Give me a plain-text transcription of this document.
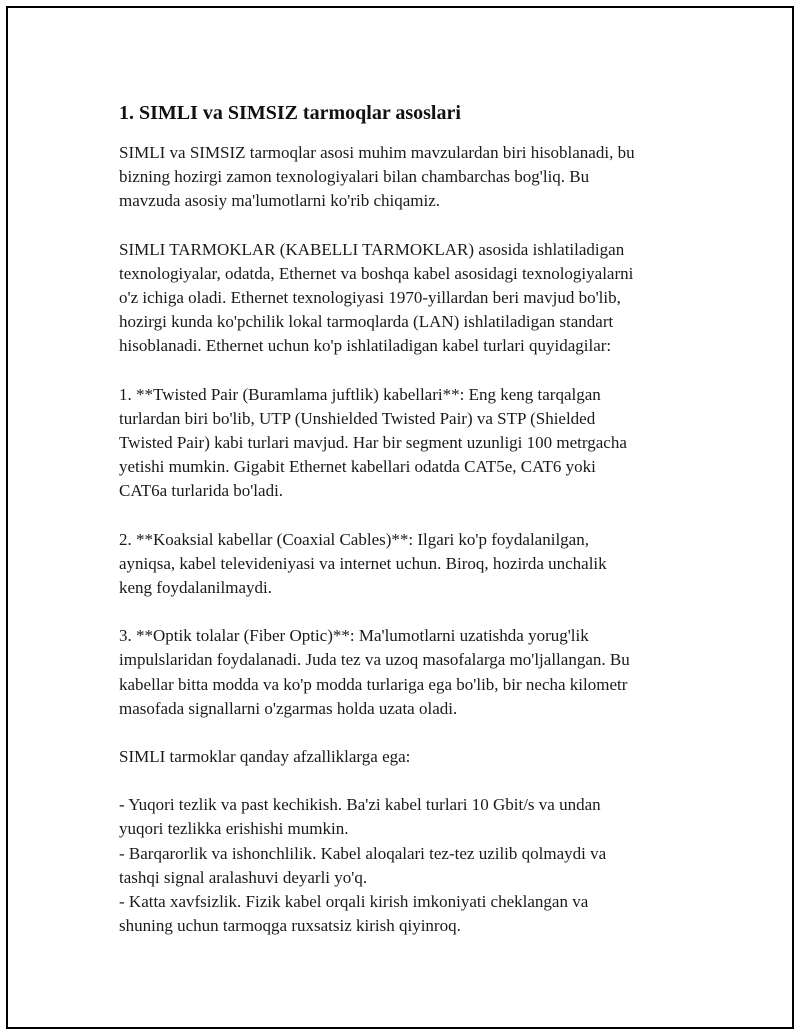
1. SIMLI va SIMSIZ tarmoqlar asoslari

SIMLI va SIMSIZ tarmoqlar asosi muhim mavzulardan biri hisoblanadi, bu
bizning hozirgi zamon texnologiyalari bilan chambarchas bog'liq. Bu
mavzuda asosiy ma'lumotlarni ko'rib chiqamiz.

SIMLI TARMOKLAR (KABELLI TARMOKLAR) asosida ishlatiladigan
texnologiyalar, odatda, Ethernet va boshqa kabel asosidagi texnologiyalarni
o'z ichiga oladi. Ethernet texnologiyasi 1970-yillardan beri mavjud bo'lib,
hozirgi kunda ko'pchilik lokal tarmoqlarda (LAN) ishlatiladigan standart
hisoblanadi. Ethernet uchun ko'p ishlatiladigan kabel turlari quyidagilar:

1. **Twisted Pair (Buramlama juftlik) kabellari**: Eng keng tarqalgan
turlardan biri bo'lib, UTP (Unshielded Twisted Pair) va STP (Shielded
Twisted Pair) kabi turlari mavjud. Har bir segment uzunligi 100 metrgacha
yetishi mumkin. Gigabit Ethernet kabellari odatda CAT5e, CAT6 yoki
CAT6a turlarida bo'ladi.

2. **Koaksial kabellar (Coaxial Cables)**: Ilgari ko'p foydalanilgan,
ayniqsa, kabel televideniyasi va internet uchun. Biroq, hozirda unchalik
keng foydalanilmaydi.

3. **Optik tolalar (Fiber Optic)**: Ma'lumotlarni uzatishda yorug'lik
impulslaridan foydalanadi. Juda tez va uzoq masofalarga mo'ljallangan. Bu
kabellar bitta modda va ko'p modda turlariga ega bo'lib, bir necha kilometr
masofada signallarni o'zgarmas holda uzata oladi.

SIMLI tarmoklar qanday afzalliklarga ega:

- Yuqori tezlik va past kechikish. Ba'zi kabel turlari 10 Gbit/s va undan
yuqori tezlikka erishishi mumkin.
- Barqarorlik va ishonchlilik. Kabel aloqalari tez-tez uzilib qolmaydi va
tashqi signal aralashuvi deyarli yo'q.
- Katta xavfsizlik. Fizik kabel orqali kirish imkoniyati cheklangan va
shuning uchun tarmoqga ruxsatsiz kirish qiyinroq.
